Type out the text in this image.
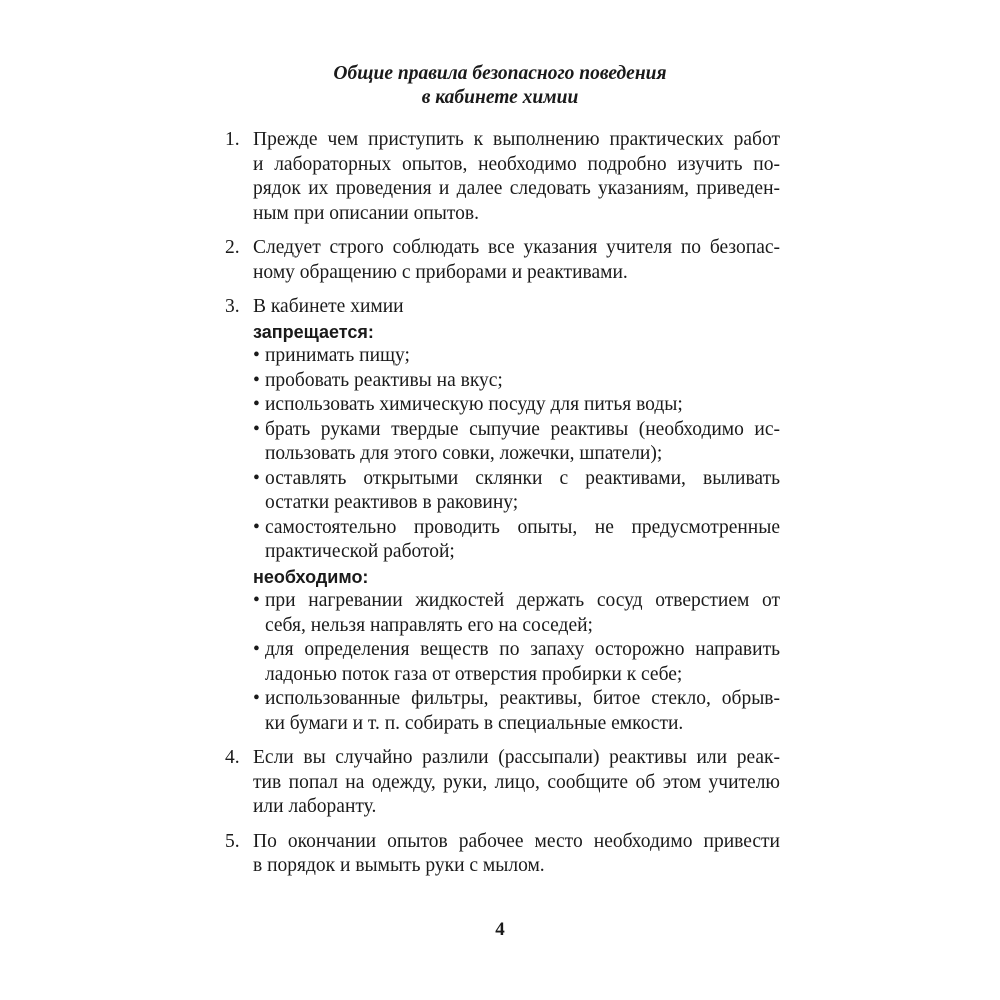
Общие правила безопасного поведения
в кабинете химии
1. Прежде чем приступить к выполнению практических работ
и лабораторных опытов, необходимо подробно изучить по-
рядок их проведения и далее следовать указаниям, приведен-
ным при описании опытов.
2. Следует строго соблюдать все указания учителя по безопас-
ному обращению с приборами и реактивами.
3. В кабинете химии
запрещается:
• принимать пищу;
• пробовать реактивы на вкус;
• использовать химическую посуду для питья воды;
• брать руками твердые сыпучие реактивы (необходимо ис-
пользовать для этого совки, ложечки, шпатели);
• оставлять открытыми склянки с реактивами, выливать
остатки реактивов в раковину;
• самостоятельно проводить опыты, не предусмотренные
практической работой;
необходимо:
• при нагревании жидкостей держать сосуд отверстием от
себя, нельзя направлять его на соседей;
• для определения веществ по запаху осторожно направить
ладонью поток газа от отверстия пробирки к себе;
• использованные фильтры, реактивы, битое стекло, обрыв-
ки бумаги и т. п. собирать в специальные емкости.
4. Если вы случайно разлили (рассыпали) реактивы или реак-
тив попал на одежду, руки, лицо, сообщите об этом учителю
или лаборанту.
5. По окончании опытов рабочее место необходимо привести
в порядок и вымыть руки с мылом.
4
